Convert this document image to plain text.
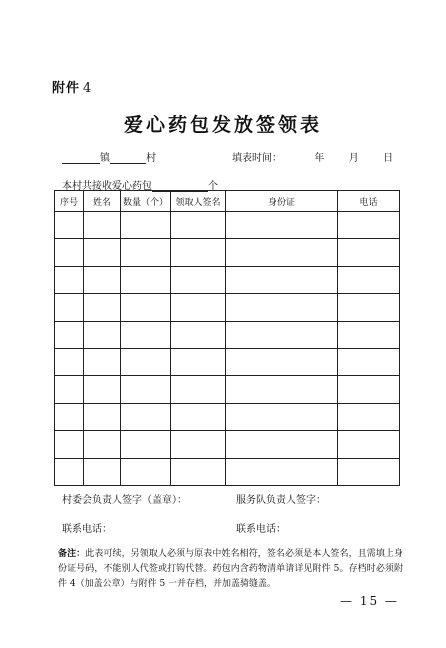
附件 4
爱心药包发放签领表
镇	村	填表时间：	年 月 日
本村共接收爱心药包	个
序号	姓名	数量（个）	领取人签名	身份证	电话

村委会负责人签字（盖章）：	服务队负责人签字：
联系电话：	联系电话：
备注：此表可续，另领取人必须与原表中姓名相符，签名必须是本人签名，且需填上身份证号码，不能别人代签或打钩代替。药包内含药物清单请详见附件 5。存档时必须附件 4（加盖公章）与附件 5 一并存档，并加盖骑缝盖。
— 15 —
